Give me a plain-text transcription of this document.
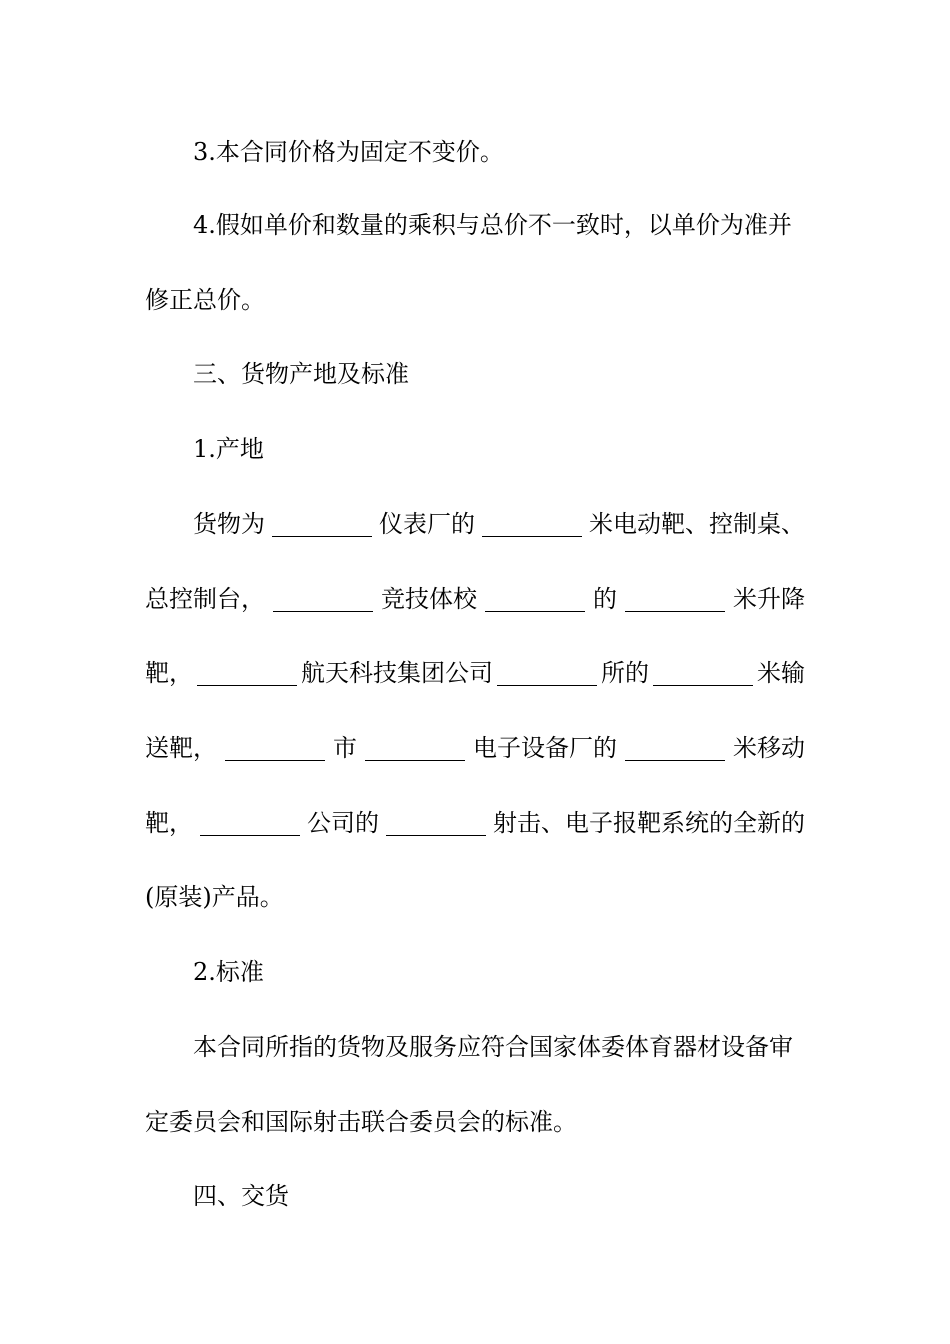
3.本合同价格为固定不变价。
4.假如单价和数量的乘积与总价不一致时，以单价为准并
修正总价。
三、货物产地及标准
1.产地
货物为	仪表厂的	米电动靶、控制桌、
总控制台，	竞技体校	的	米升降
靶，	航天科技集团公司	所的	米输
送靶，	市	电子设备厂的	米移动
靶，	公司的	射击、电子报靶系统的全新的
(原装)产品。
2.标准
本合同所指的货物及服务应符合国家体委体育器材设备审
定委员会和国际射击联合委员会的标准。
四、交货
